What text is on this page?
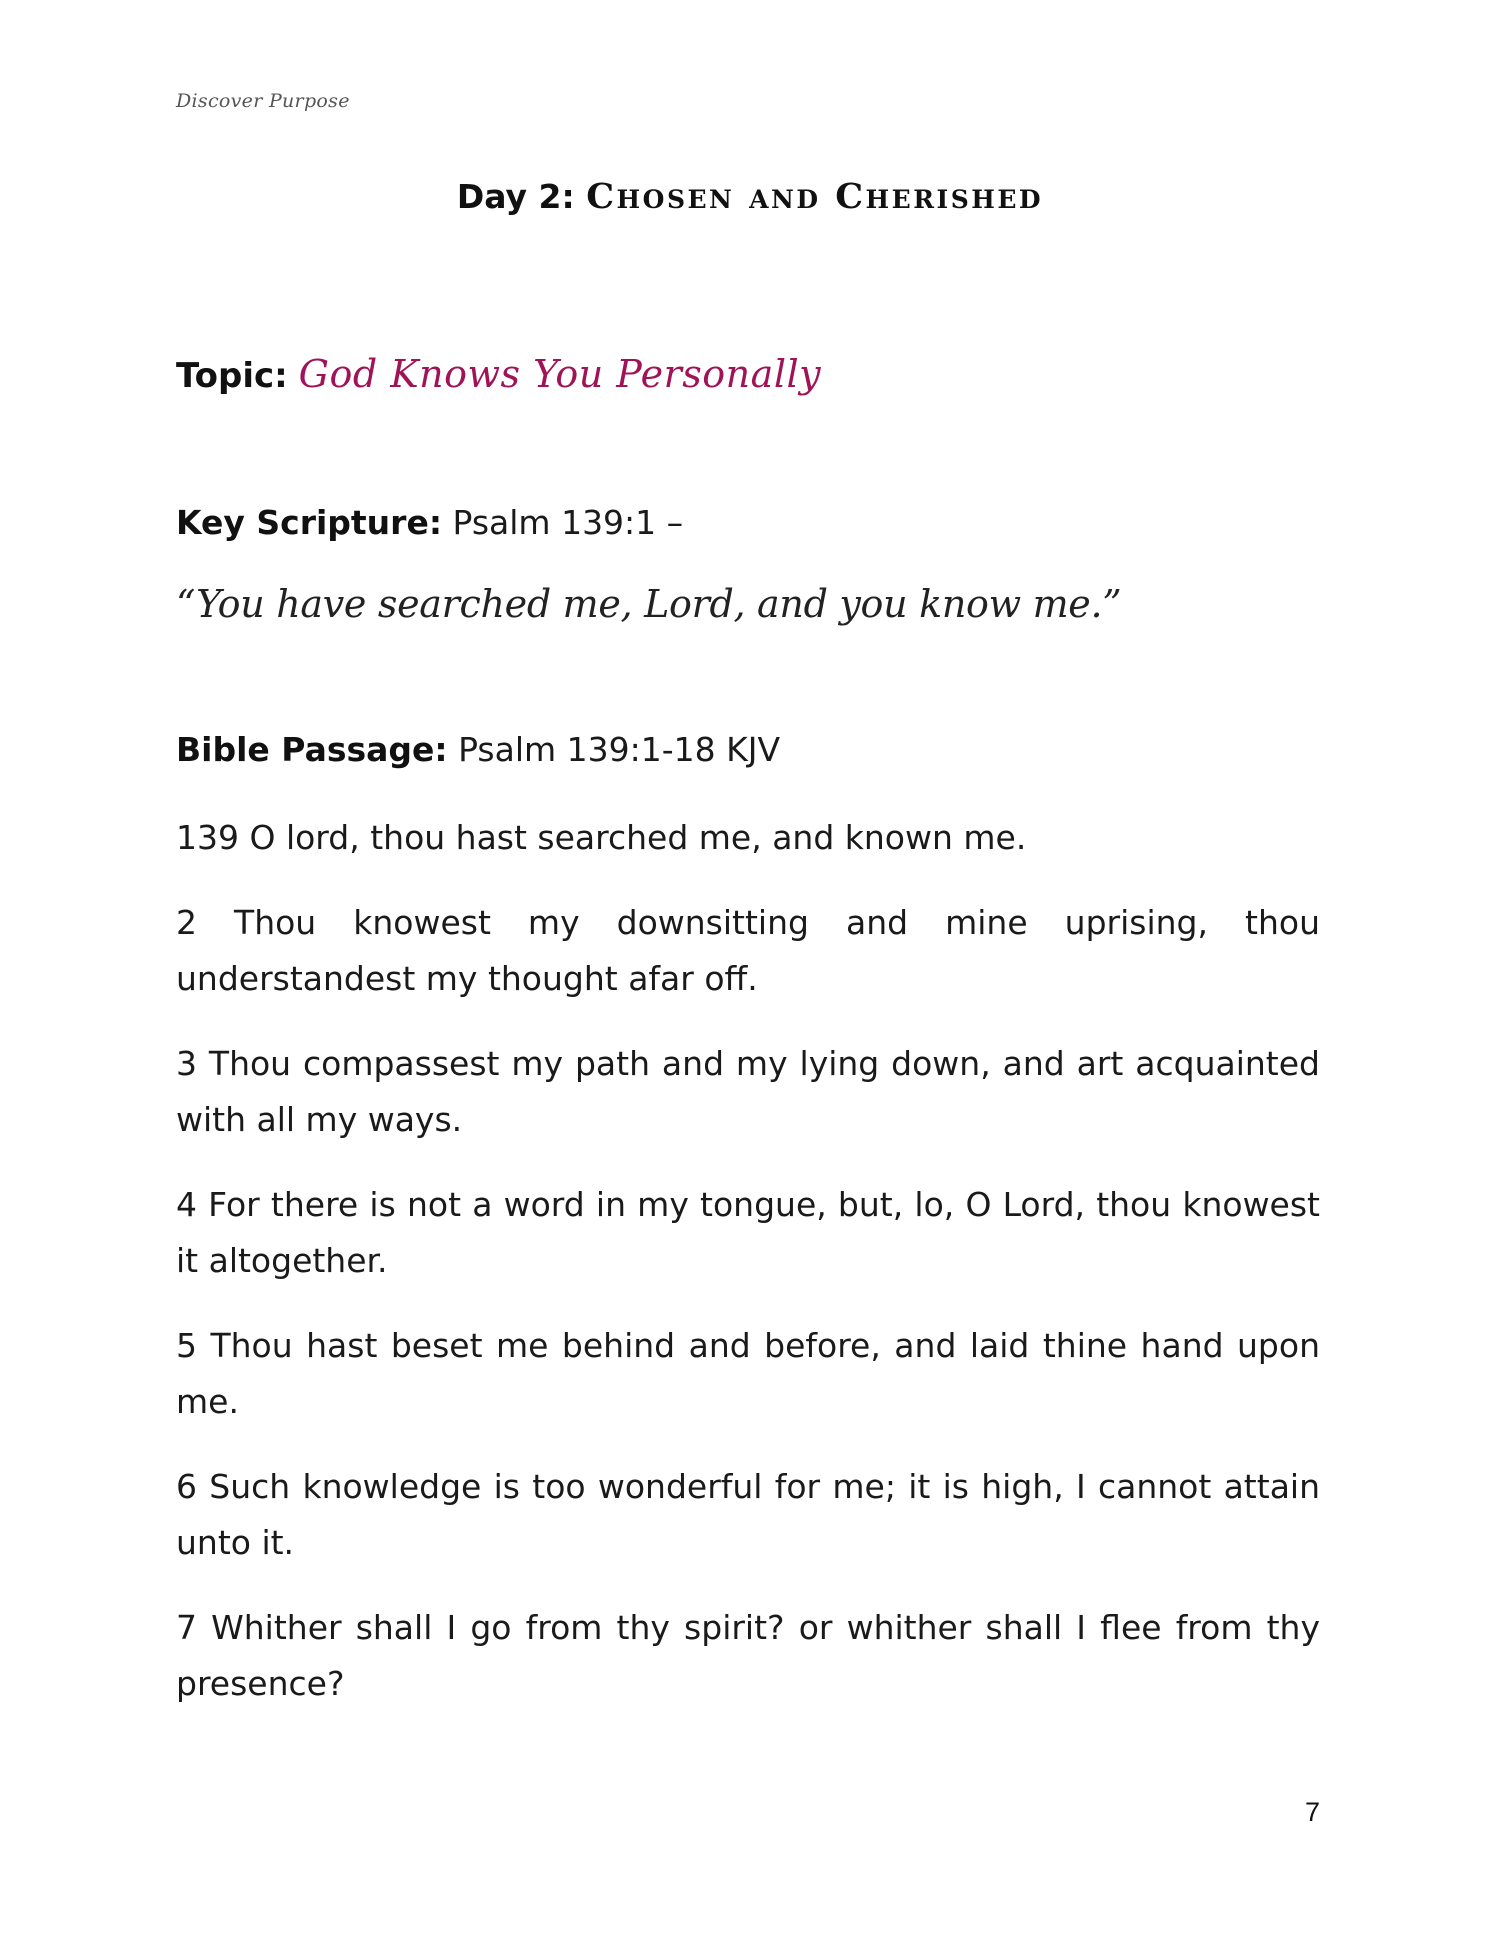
Discover Purpose
Day 2: Chosen and Cherished
Topic: God Knows You Personally
Key Scripture: Psalm 139:1 –
“You have searched me, Lord, and you know me.”
Bible Passage: Psalm 139:1-18 KJV

139 O lord, thou hast searched me, and known me.

2 Thou knowest my downsitting and mine uprising, thou understandest my thought afar off.

3 Thou compassest my path and my lying down, and art acquainted with all my ways.

4 For there is not a word in my tongue, but, lo, O Lord, thou knowest it altogether.

5 Thou hast beset me behind and before, and laid thine hand upon me.

6 Such knowledge is too wonderful for me; it is high, I cannot attain unto it.

7 Whither shall I go from thy spirit? or whither shall I flee from thy presence?

7
